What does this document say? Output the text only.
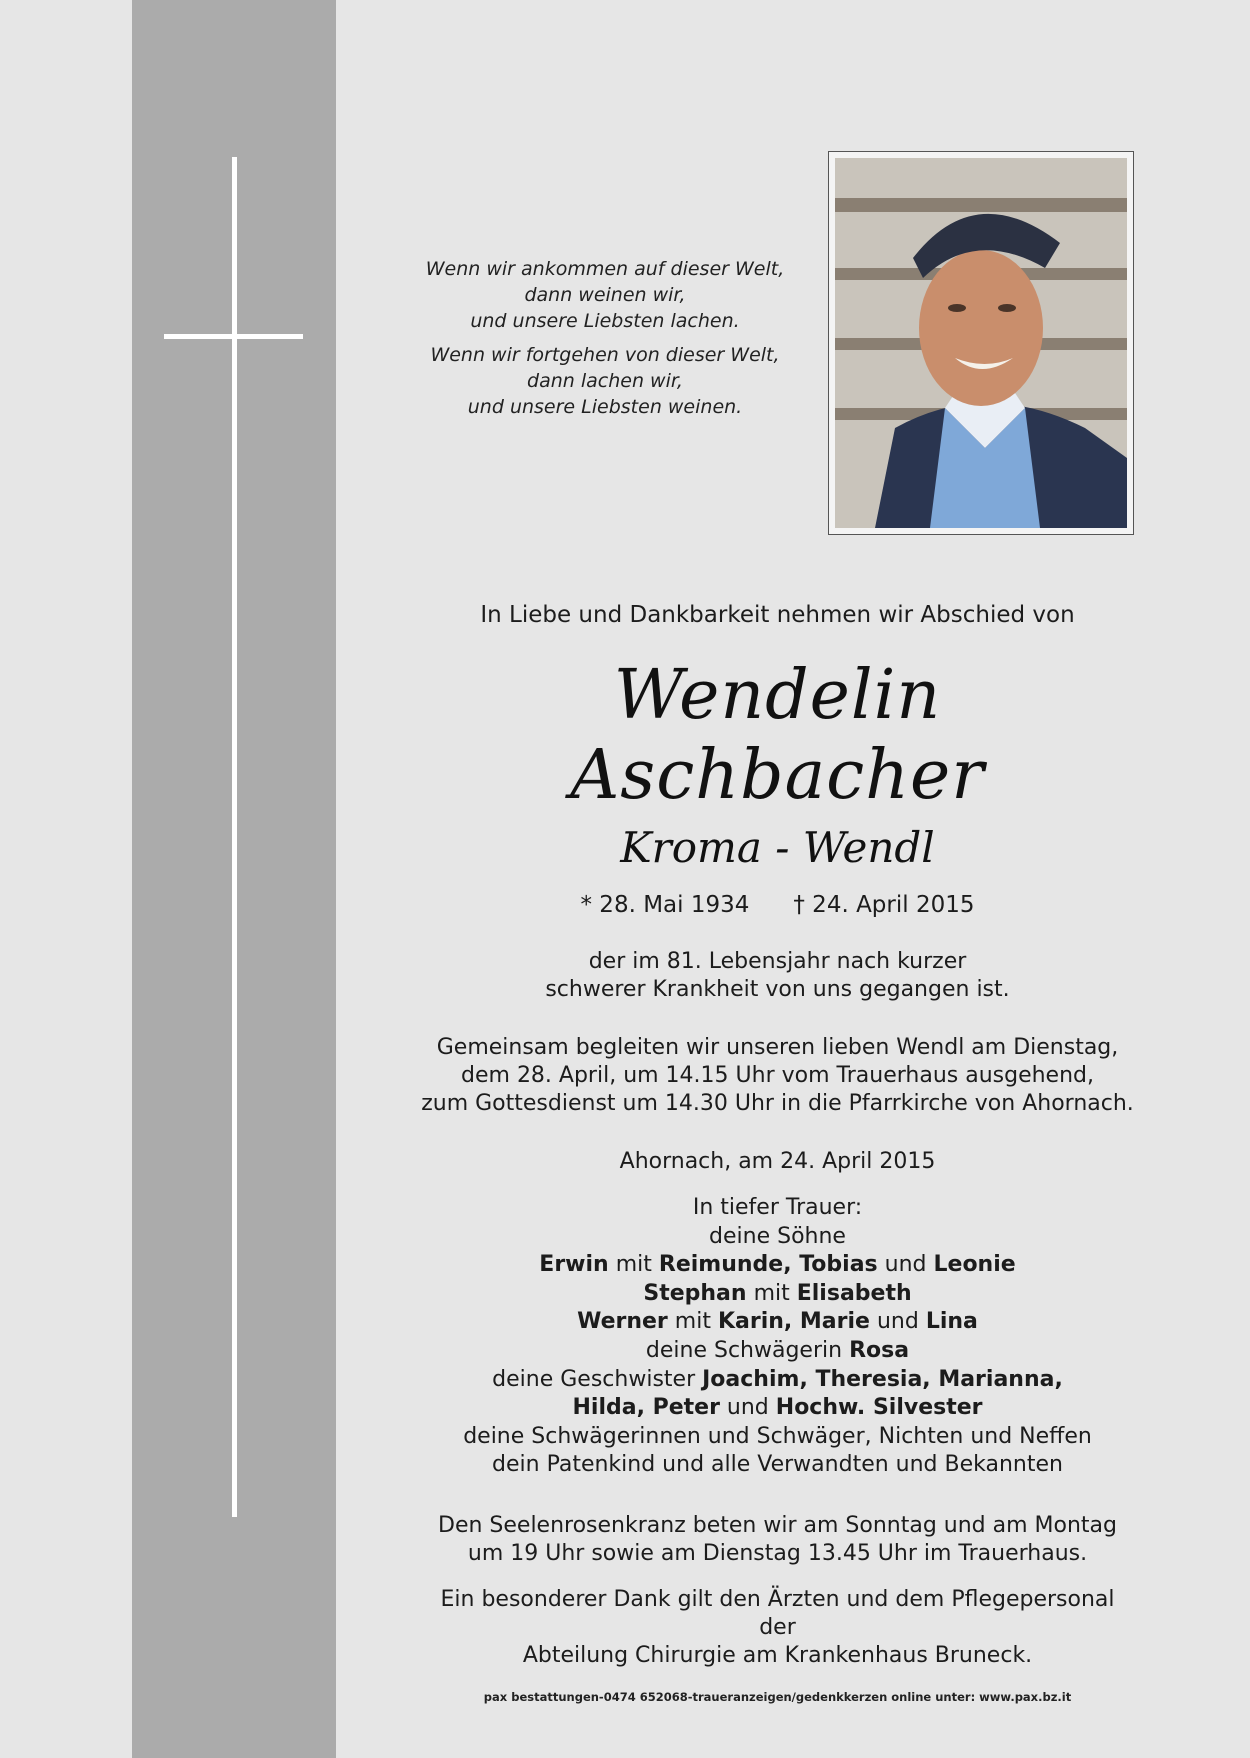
Wenn wir ankommen auf dieser Welt,
dann weinen wir,
und unsere Liebsten lachen.
Wenn wir fortgehen von dieser Welt,
dann lachen wir,
und unsere Liebsten weinen.
In Liebe und Dankbarkeit nehmen wir Abschied von
Wendelin Aschbacher
Kroma - Wendl
* 28. Mai 1934 † 24. April 2015
der im 81. Lebensjahr nach kurzer
schwerer Krankheit von uns gegangen ist.
Gemeinsam begleiten wir unseren lieben Wendl am Dienstag,
dem 28. April, um 14.15 Uhr vom Trauerhaus ausgehend,
zum Gottesdienst um 14.30 Uhr in die Pfarrkirche von Ahornach.
Ahornach, am 24. April 2015
In tiefer Trauer:
deine Söhne
Erwin mit Reimunde, Tobias und Leonie
Stephan mit Elisabeth
Werner mit Karin, Marie und Lina
deine Schwägerin Rosa
deine Geschwister Joachim, Theresia, Marianna,
Hilda, Peter und Hochw. Silvester
deine Schwägerinnen und Schwäger, Nichten und Neffen
dein Patenkind und alle Verwandten und Bekannten
Den Seelenrosenkranz beten wir am Sonntag und am Montag
um 19 Uhr sowie am Dienstag 13.45 Uhr im Trauerhaus.
Ein besonderer Dank gilt den Ärzten und dem Pflegepersonal der
Abteilung Chirurgie am Krankenhaus Bruneck.
pax bestattungen-0474 652068-traueranzeigen/gedenkkerzen online unter: www.pax.bz.it
